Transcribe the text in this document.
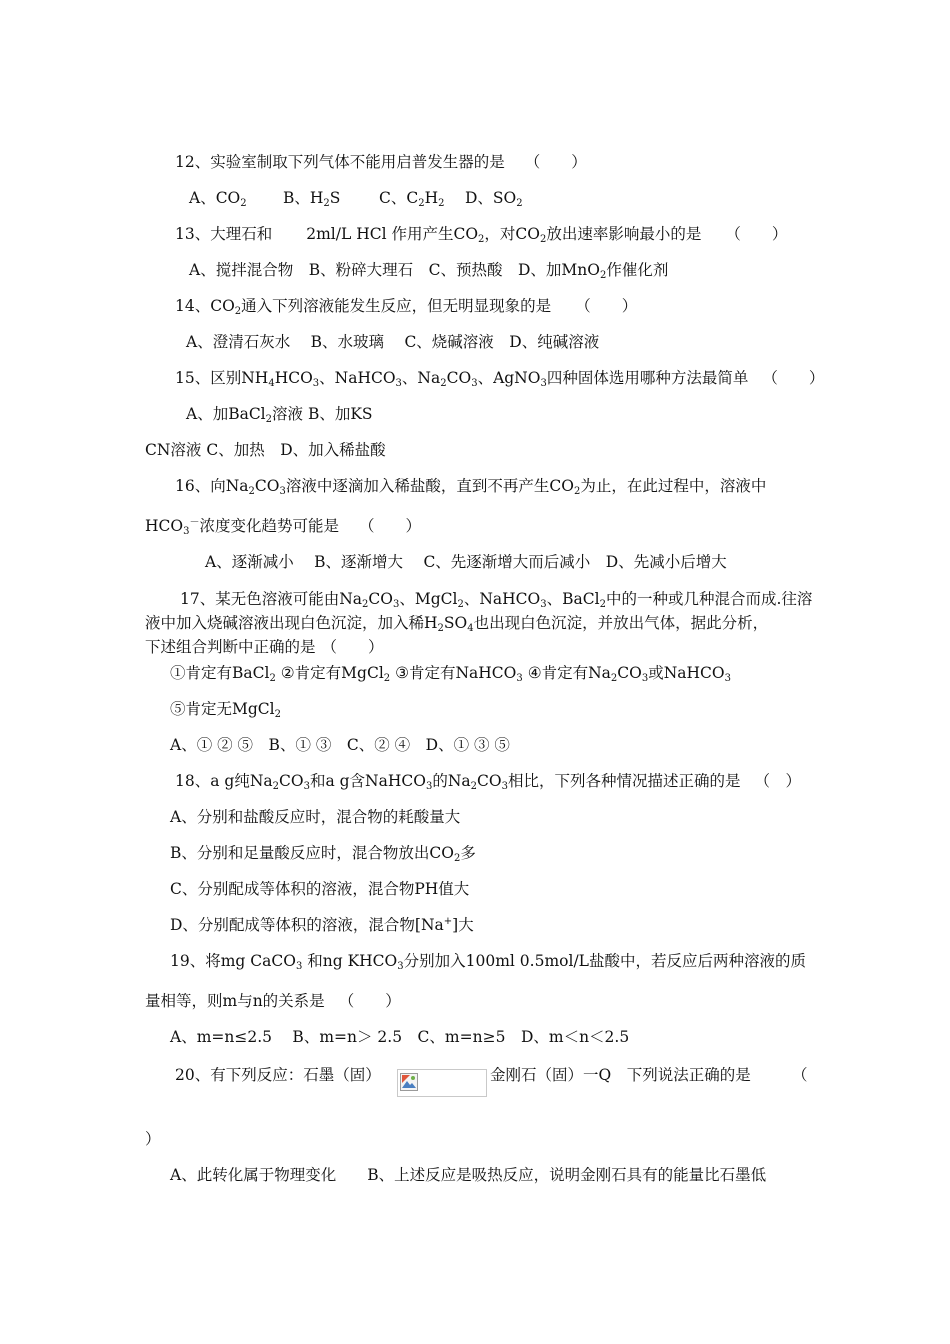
12、实验室制取下列气体不能用启普发生器的是 （　　）
A、$CO_2$ B、$H_2S$ C、$C_2H_2$ D、$SO_2$
13、大理石和 2ml/L HCl 作用产生$CO_2$，对$CO_2$放出速率影响最小的是 （　　）
A、搅拌混合物　B、粉碎大理石　C、预热酸　D、加MnO$_2$作催化剂
14、$CO_2$通入下列溶液能发生反应，但无明显现象的是 （　　）
A、澄清石灰水　 B、水玻璃　 C、烧碱溶液　D、纯碱溶液
15、区别$NH_4HCO_3$、NaHCO$_3$、$Na_2CO_3$、AgNO$_3$四种固体选用哪种方法最简单 （　　）
A、加BaCl$_2$溶液 B、加KS
CN溶液 C、加热　D、加入稀盐酸
16、向$Na_2CO_3$溶液中逐滴加入稀盐酸，直到不再产生$CO_2$为止，在此过程中，溶液中
$HCO_3^-$浓度变化趋势可能是 （　　）
A、逐渐减小　 B、逐渐增大　 C、先逐渐增大而后减小　D、先减小后增大
17、某无色溶液可能由$Na_2CO_3$、MgCl$_2$、NaHCO$_3$、BaCl$_2$中的一种或几种混合而成.往溶
液中加入烧碱溶液出现白色沉淀，加入稀$H_2SO_4$也出现白色沉淀，并放出气体，据此分析，
下述组合判断中正确的是 （　　）
①肯定有BaCl$_2$ ②肯定有MgCl$_2$ ③肯定有NaHCO$_3$ ④肯定有$Na_2CO_3$或NaHCO$_3$
⑤肯定无MgCl$_2$
A、① ② ⑤　B、① ③　C、② ④　D、① ③ ⑤
18、a g纯$Na_2CO_3$和a g含NaHCO$_3$的$Na_2CO_3$相比，下列各种情况描述正确的是 （　）
A、分别和盐酸反应时，混合物的耗酸量大
B、分别和足量酸反应时，混合物放出$CO_2$多
C、分别配成等体积的溶液，混合物PH值大
D、分别配成等体积的溶液，混合物[Na+]大
19、将mg CaCO$_3$ 和ng $KHCO_3$分别加入100ml 0.5mol/L盐酸中，若反应后两种溶液的质
量相等，则m与n的关系是 （　　）
A、m=n≤2.5　 B、m=n＞ 2.5　C、m=n≥5　D、m＜n＜2.5
20、有下列反应：石墨（固）	金刚石（固）一Q　下列说法正确的是	（
）
A、此转化属于物理变化　　B、上述反应是吸热反应，说明金刚石具有的能量比石墨低
